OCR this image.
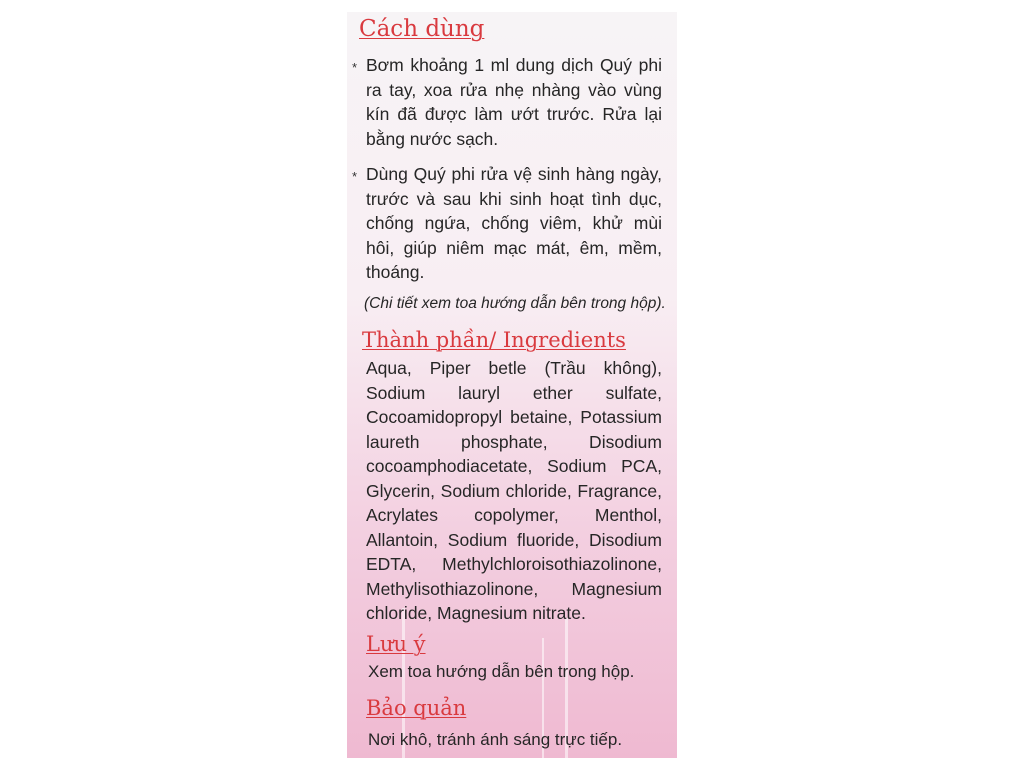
Cách dùng
* Bơm khoảng 1 ml dung dịch Quý phi ra tay, xoa rửa nhẹ nhàng vào vùng kín đã được làm ướt trước. Rửa lại bằng nước sạch.
* Dùng Quý phi rửa vệ sinh hàng ngày, trước và sau khi sinh hoạt tình dục, chống ngứa, chống viêm, khử mùi hôi, giúp niêm mạc mát, êm, mềm, thoáng.
(Chi tiết xem toa hướng dẫn bên trong hộp).
Thành phần/ Ingredients
Aqua, Piper betle (Trầu không), Sodium lauryl ether sulfate, Cocoamidopropyl betaine, Potassium laureth phosphate, Disodium cocoamphodiacetate, Sodium PCA, Glycerin, Sodium chloride, Fragrance, Acrylates copolymer, Menthol, Allantoin, Sodium fluoride, Disodium EDTA, Methylchloroisothiazolinone, Methylisothiazolinone, Magnesium chloride, Magnesium nitrate.
Lưu ý
Xem toa hướng dẫn bên trong hộp.
Bảo quản
Nơi khô, tránh ánh sáng trực tiếp.
